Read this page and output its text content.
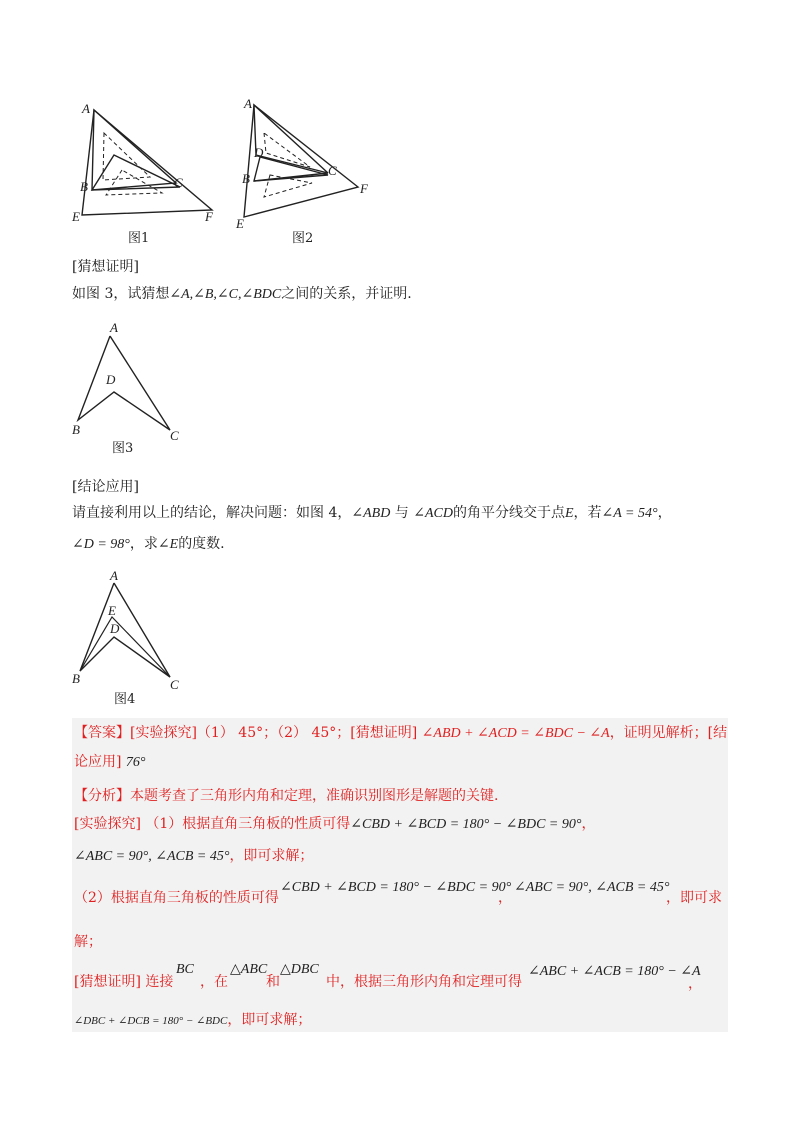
A
B	C
E	F
图1
A
D
B
C
F
E
图2
[猜想证明]
如图 3，试猜想∠A,∠B,∠C,∠BDC之间的关系，并证明.
A
D
B	C
图3
[结论应用]
请直接利用以上的结论，解决问题：如图 4，∠ABD 与 ∠ACD的角平分线交于点E，若∠A = 54°，
∠D = 98°，求∠E的度数.
A
E
D
B	C
图4
【答案】[实验探究]（1） 45°；（2） 45°；[猜想证明] ∠ABD + ∠ACD = ∠BDC − ∠A，证明见解析；[结
论应用] 76°
【分析】本题考查了三角形内角和定理，准确识别图形是解题的关键.
[实验探究] （1）根据直角三角板的性质可得∠CBD + ∠BCD = 180° − ∠BDC = 90°，
∠ABC = 90°, ∠ACB = 45°，即可求解；
（2）根据直角三角板的性质可得
∠CBD + ∠BCD = 180° − ∠BDC = 90°
，
∠ABC = 90°, ∠ACB = 45°
，即可求
解；
[猜想证明] 连接
BC
，在
△ABC
和
△DBC
中，根据三角形内角和定理可得
∠ABC + ∠ACB = 180° − ∠A
，
∠DBC + ∠DCB = 180° − ∠BDC，即可求解；
